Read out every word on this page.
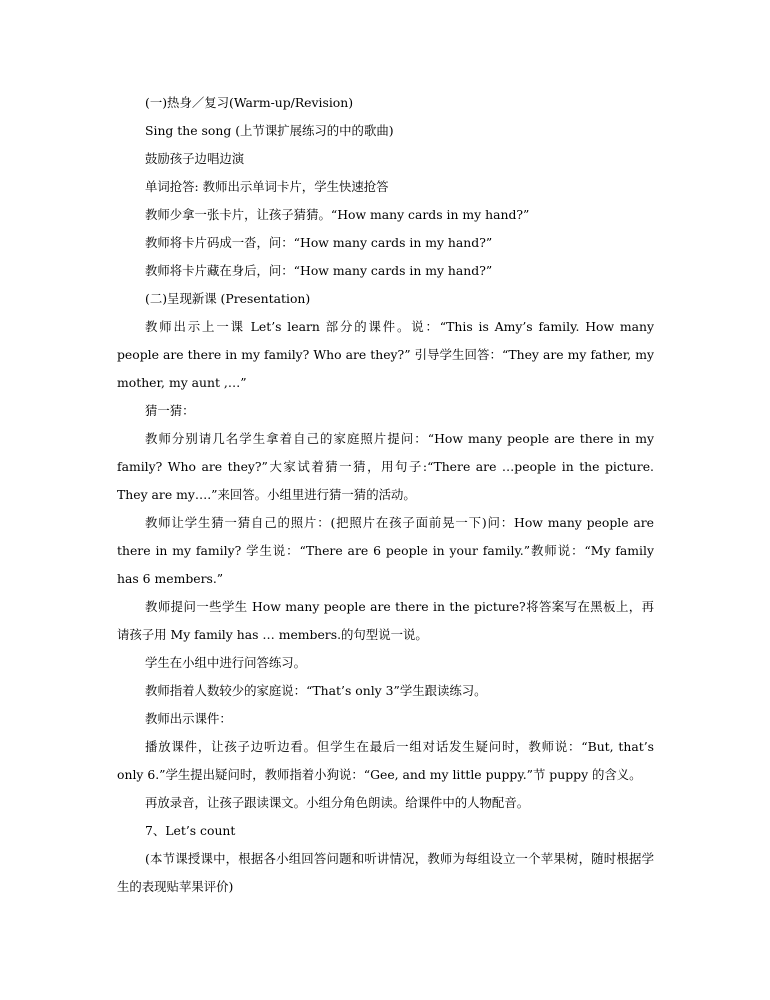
(一)热身／复习(Warm-up/Revision)

Sing the song (上节课扩展练习的中的歌曲)

鼓励孩子边唱边演

单词抢答: 教师出示单词卡片，学生快速抢答

教师少拿一张卡片，让孩子猜猜。“How many cards in my hand?”

教师将卡片码成一沓，问：“How many cards in my hand?”

教师将卡片藏在身后，问：“How many cards in my hand?”

(二)呈现新课 (Presentation)

教师出示上一课 Let’s learn 部分的课件。说：“This is Amy’s family. How many people are there in my family? Who are they?” 引导学生回答：“They are my father, my mother, my aunt ,…”

猜一猜：

教师分别请几名学生拿着自己的家庭照片提问：“How many people are there in my family? Who are they?”大家试着猜一猜，用句子:“There are …people in the picture. They are my….”来回答。小组里进行猜一猜的活动。

教师让学生猜一猜自己的照片：(把照片在孩子面前晃一下)问：How many people are there in my family? 学生说：“There are 6 people in your family.”教师说：“My family has 6 members.”

教师提问一些学生 How many people are there in the picture?将答案写在黑板上，再请孩子用 My family has … members.的句型说一说。

学生在小组中进行问答练习。

教师指着人数较少的家庭说：“That’s only 3”学生跟读练习。

教师出示课件：

播放课件，让孩子边听边看。但学生在最后一组对话发生疑问时，教师说：“But, that’s only 6.”学生提出疑问时，教师指着小狗说：“Gee, and my little puppy.”节 puppy 的含义。

再放录音，让孩子跟读课文。小组分角色朗读。给课件中的人物配音。

7、Let’s count

(本节课授课中，根据各小组回答问题和听讲情况，教师为每组设立一个苹果树，随时根据学生的表现贴苹果评价)
